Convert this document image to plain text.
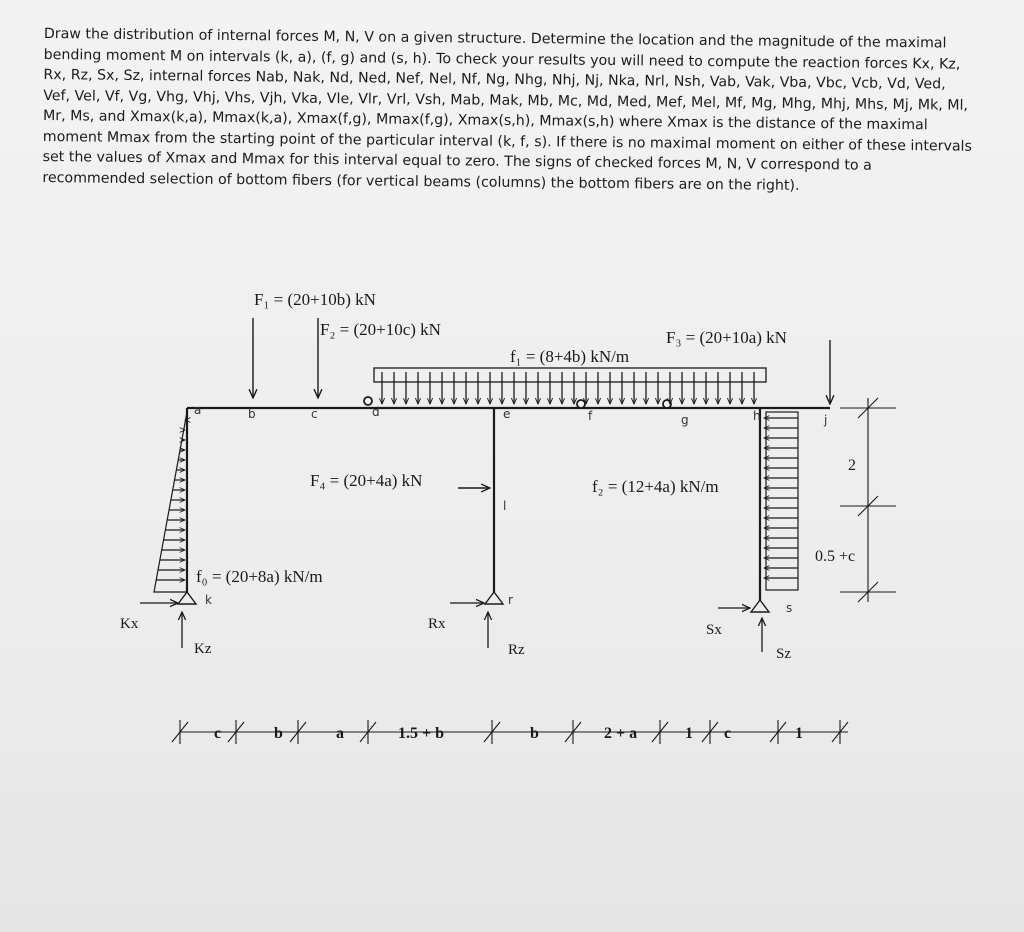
Draw the distribution of internal forces M, N, V on a given structure. Determine the location and the magnitude of the maximal bending moment M on intervals (k, a), (f, g) and (s, h). To check your results you will need to compute the reaction forces Kx, Kz, Rx, Rz, Sx, Sz, internal forces Nab, Nak, Nd, Ned, Nef, Nel, Nf, Ng, Nhg, Nhj, Nj, Nka, Nrl, Nsh, Vab, Vak, Vba, Vbc, Vcb, Vd, Ved, Vef, Vel, Vf, Vg, Vhg, Vhj, Vhs, Vjh, Vka, Vle, Vlr, Vrl, Vsh, Mab, Mak, Mb, Mc, Md, Med, Mef, Mel, Mf, Mg, Mhg, Mhj, Mhs, Mj, Mk, Ml, Mr, Ms, and Xmax(k,a), Mmax(k,a), Xmax(f,g), Mmax(f,g), Xmax(s,h), Mmax(s,h) where Xmax is the distance of the maximal moment Mmax from the starting point of the particular interval (k, f, s). If there is no maximal moment on either of these intervals set the values of Xmax and Mmax for this interval equal to zero. The signs of checked forces M, N, V correspond to a recommended selection of bottom fibers (for vertical beams (columns) the bottom fibers are on the right).
F₁ = (20+10b) kN
F₂ = (20+10c) kN	F₃ = (20+10a) kN
f₁ = (8+4b) kN/m
F₄ = (20+4a) kN	f₂ = (12+4a) kN/m
f₀ = (20+8a) kN/m
a	b	c	d	e	f	g	h	j
l
k	r
s
Kx
Kz
Rx
Rz
Sx
Sz
2
0.5 +c
c	b	a	1.5 + b	b	2 + a	1 c	1
